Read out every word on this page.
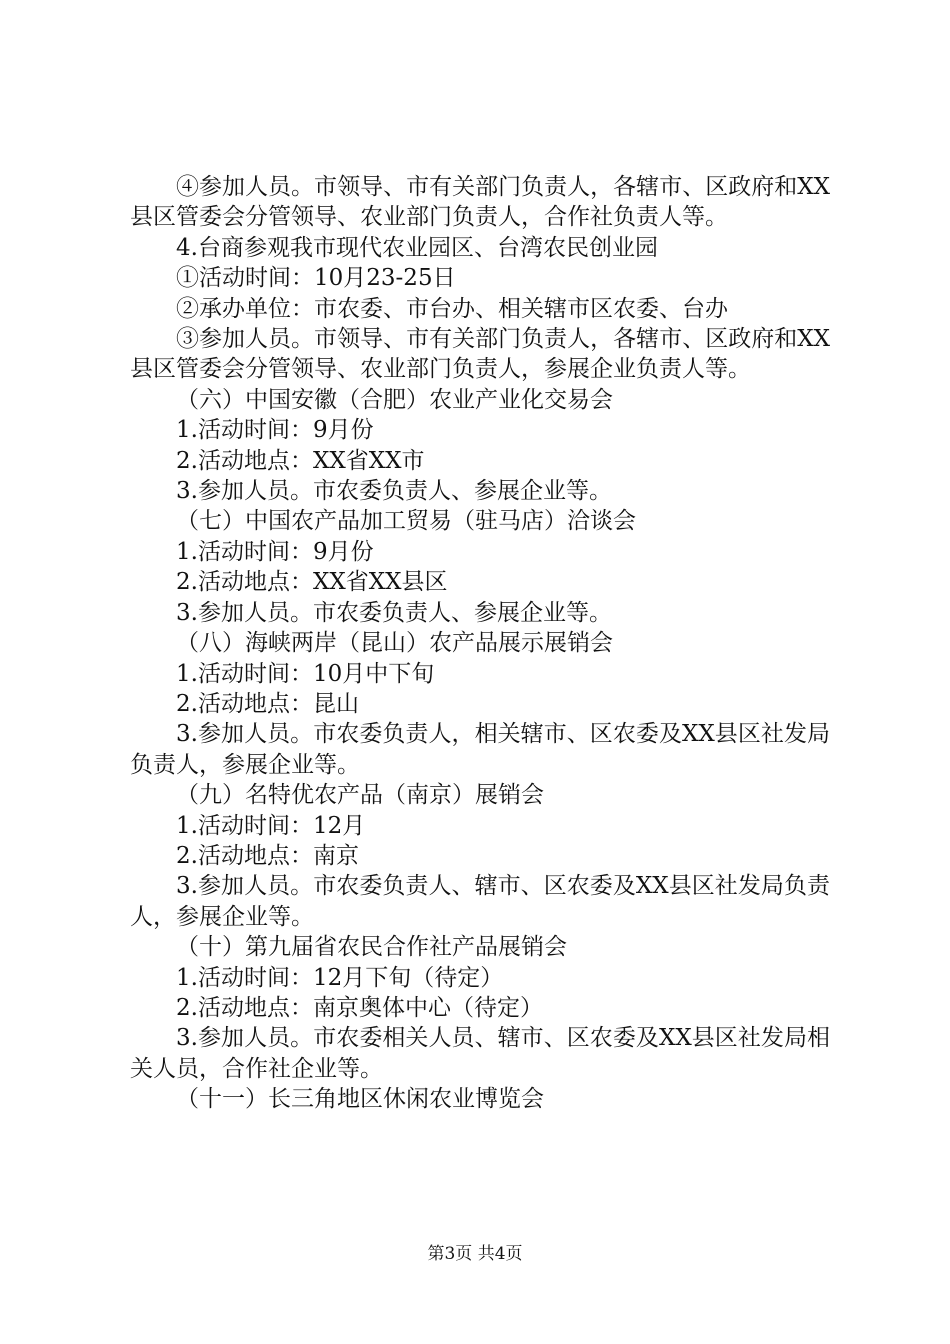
④参加人员。市领导、市有关部门负责人，各辖市、区政府和XX县区管委会分管领导、农业部门负责人，合作社负责人等。

4.台商参观我市现代农业园区、台湾农民创业园

①活动时间：10月23-25日

②承办单位：市农委、市台办、相关辖市区农委、台办

③参加人员。市领导、市有关部门负责人，各辖市、区政府和XX县区管委会分管领导、农业部门负责人，参展企业负责人等。

（六）中国安徽（合肥）农业产业化交易会

1.活动时间：9月份

2.活动地点：XX省XX市

3.参加人员。市农委负责人、参展企业等。

（七）中国农产品加工贸易（驻马店）洽谈会

1.活动时间：9月份

2.活动地点：XX省XX县区

3.参加人员。市农委负责人、参展企业等。

（八）海峡两岸（昆山）农产品展示展销会

1.活动时间：10月中下旬

2.活动地点：昆山

3.参加人员。市农委负责人，相关辖市、区农委及XX县区社发局负责人，参展企业等。

（九）名特优农产品（南京）展销会

1.活动时间：12月

2.活动地点：南京

3.参加人员。市农委负责人、辖市、区农委及XX县区社发局负责人，参展企业等。

（十）第九届省农民合作社产品展销会

1.活动时间：12月下旬（待定）

2.活动地点：南京奥体中心（待定）

3.参加人员。市农委相关人员、辖市、区农委及XX县区社发局相关人员，合作社企业等。

（十一）长三角地区休闲农业博览会

第3页 共4页
